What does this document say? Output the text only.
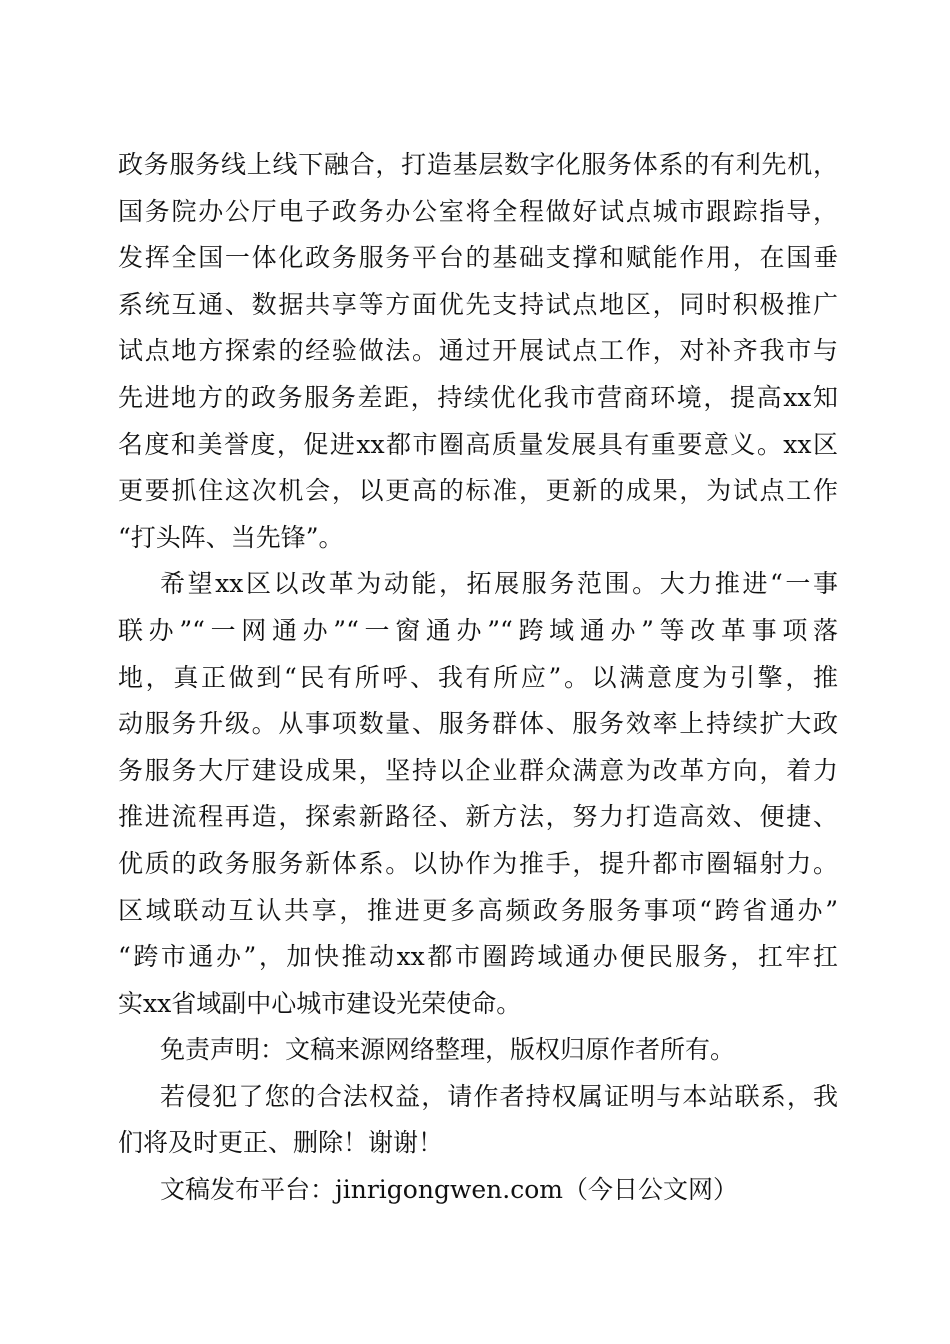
政务服务线上线下融合，打造基层数字化服务体系的有利先机，

国务院办公厅电子政务办公室将全程做好试点城市跟踪指导，

发挥全国一体化政务服务平台的基础支撑和赋能作用，在国垂

系统互通、数据共享等方面优先支持试点地区，同时积极推广

试点地方探索的经验做法。通过开展试点工作，对补齐我市与

先进地方的政务服务差距，持续优化我市营商环境，提高xx知

名度和美誉度，促进xx都市圈高质量发展具有重要意义。xx区

更要抓住这次机会，以更高的标准，更新的成果，为试点工作

“打头阵、当先锋”。

希望xx区以改革为动能，拓展服务范围。大力推进“一事

联办”“一网通办”“一窗通办”“跨域通办”等改革事项落

地，真正做到“民有所呼、我有所应”。以满意度为引擎，推

动服务升级。从事项数量、服务群体、服务效率上持续扩大政

务服务大厅建设成果，坚持以企业群众满意为改革方向，着力

推进流程再造，探索新路径、新方法，努力打造高效、便捷、

优质的政务服务新体系。以协作为推手，提升都市圈辐射力。

区域联动互认共享，推进更多高频政务服务事项“跨省通办”

“跨市通办”，加快推动xx都市圈跨域通办便民服务，扛牢扛

实xx省域副中心城市建设光荣使命。

免责声明：文稿来源网络整理，版权归原作者所有。

若侵犯了您的合法权益，请作者持权属证明与本站联系，我

们将及时更正、删除！谢谢！

文稿发布平台：jinrigongwen.com（今日公文网）
